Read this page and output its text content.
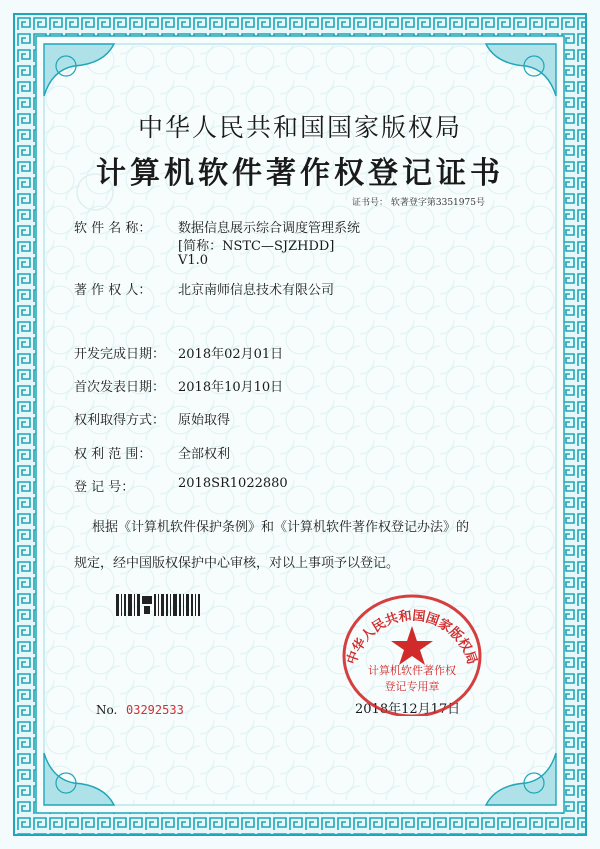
中华人民共和国国家版权局
计算机软件著作权登记证书
证书号： 软著登字第3351975号
软 件 名 称： 数据信息展示综合调度管理系统
[简称：NSTC—SJZHDD]
V1.0
著 作 权 人： 北京南师信息技术有限公司
开发完成日期： 2018年02月01日
首次发表日期： 2018年10月10日
权利取得方式： 原始取得
权 利 范 围： 全部权利
登 记 号：	2018SR1022880
根据《计算机软件保护条例》和《计算机软件著作权登记办法》的
规定，经中国版权保护中心审核，对以上事项予以登记。
No. 03292533	2018年12月17日
中华人民共和国国家版权局
计算机软件著作权
登记专用章
